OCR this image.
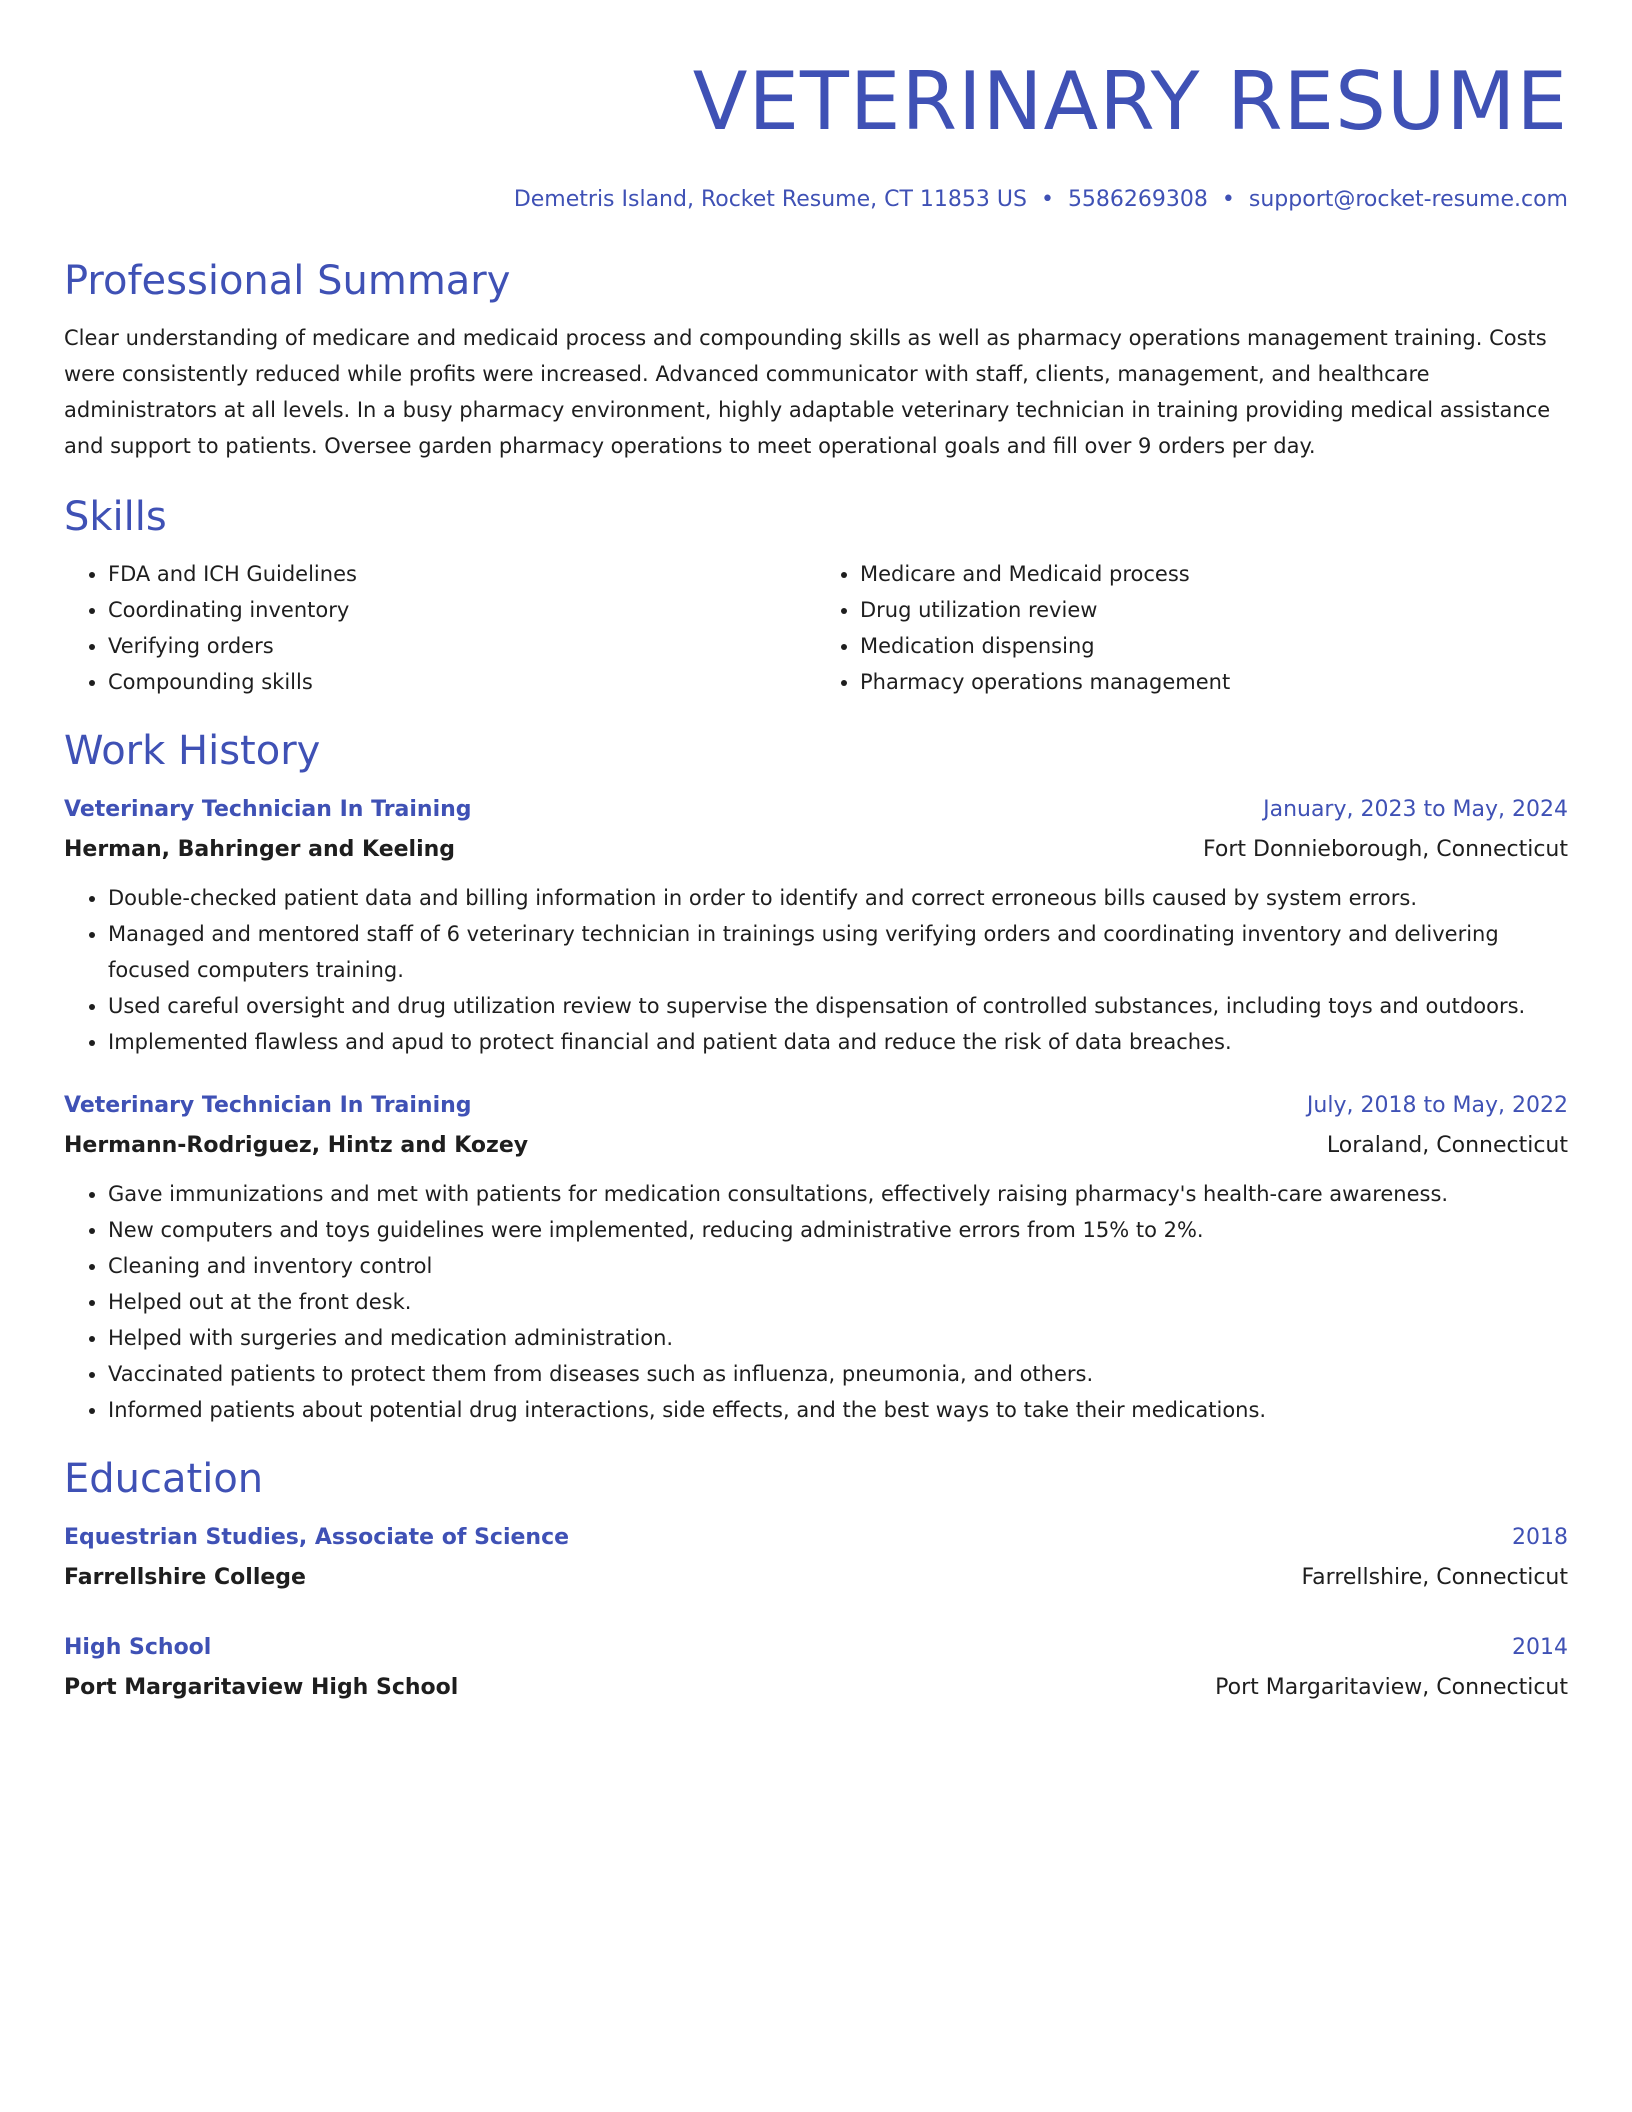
VETERINARY RESUME
Demetris Island, Rocket Resume, CT 11853 US • 5586269308 • support@rocket-resume.com
Professional Summary

Clear understanding of medicare and medicaid process and compounding skills as well as pharmacy operations management training. Costs were consistently reduced while profits were increased. Advanced communicator with staff, clients, management, and healthcare administrators at all levels. In a busy pharmacy environment, highly adaptable veterinary technician in training providing medical assistance and support to patients. Oversee garden pharmacy operations to meet operational goals and fill over 9 orders per day.

Skills
• FDA and ICH Guidelines
• Coordinating inventory
• Verifying orders
• Compounding skills
• Medicare and Medicaid process
• Drug utilization review
• Medication dispensing
• Pharmacy operations management
Work History
Veterinary Technician In Training	January, 2023 to May, 2024
Herman, Bahringer and Keeling	Fort Donnieborough, Connecticut
• Double-checked patient data and billing information in order to identify and correct erroneous bills caused by system errors.
• Managed and mentored staff of 6 veterinary technician in trainings using verifying orders and coordinating inventory and delivering focused computers training.
• Used careful oversight and drug utilization review to supervise the dispensation of controlled substances, including toys and outdoors.
• Implemented flawless and apud to protect financial and patient data and reduce the risk of data breaches.
Veterinary Technician In Training	July, 2018 to May, 2022
Hermann-Rodriguez, Hintz and Kozey	Loraland, Connecticut
• Gave immunizations and met with patients for medication consultations, effectively raising pharmacy's health-care awareness.
• New computers and toys guidelines were implemented, reducing administrative errors from 15% to 2%.
• Cleaning and inventory control
• Helped out at the front desk.
• Helped with surgeries and medication administration.
• Vaccinated patients to protect them from diseases such as influenza, pneumonia, and others.
• Informed patients about potential drug interactions, side effects, and the best ways to take their medications.
Education
Equestrian Studies, Associate of Science	2018
Farrellshire College	Farrellshire, Connecticut
High School	2014
Port Margaritaview High School	Port Margaritaview, Connecticut
